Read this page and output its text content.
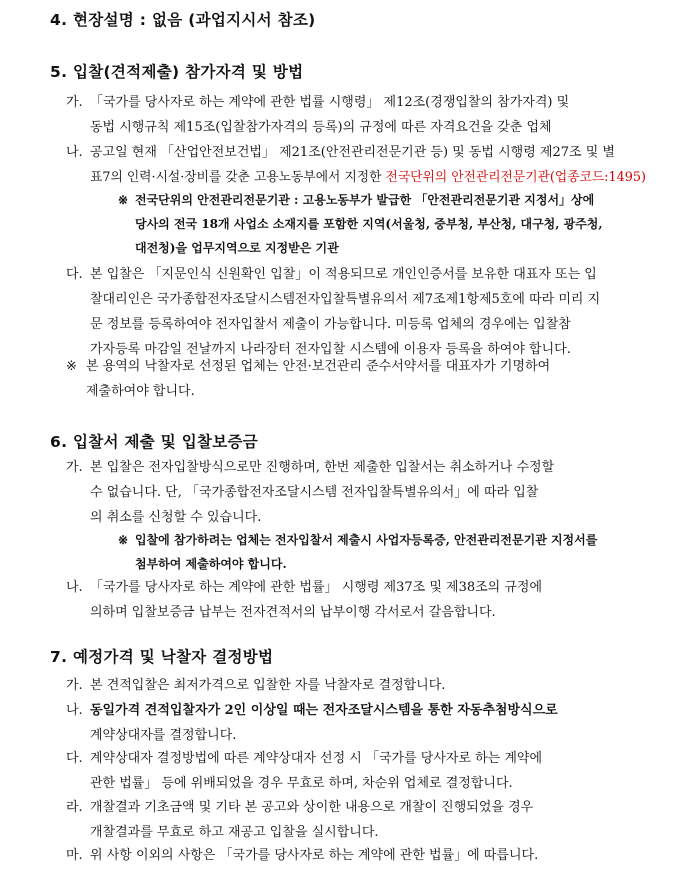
4. 현장설명 : 없음 (과업지시서 참조)
5. 입찰(견적제출) 참가자격 및 방법
가. 「국가를 당사자로 하는 계약에 관한 법률 시행령」 제12조(경쟁입찰의 참가자격) 및
동법 시행규칙 제15조(입찰참가자격의 등록)의 규정에 따른 자격요건을 갖춘 업체
나. 공고일 현재 「산업안전보건법」 제21조(안전관리전문기관 등) 및 동법 시행령 제27조 및 별
표7의 인력·시설·장비를 갖춘 고용노동부에서 지정한 전국단위의 안전관리전문기관(업종코드:1495)
※ 전국단위의 안전관리전문기관 : 고용노동부가 발급한 「안전관리전문기관 지정서」상에
당사의 전국 18개 사업소 소재지를 포함한 지역(서울청, 중부청, 부산청, 대구청, 광주청,
대전청)을 업무지역으로 지정받은 기관
다. 본 입찰은 「지문인식 신원확인 입찰」이 적용되므로 개인인증서를 보유한 대표자 또는 입
찰대리인은 국가종합전자조달시스템전자입찰특별유의서 제7조제1항제5호에 따라 미리 지
문 정보를 등록하여야 전자입찰서 제출이 가능합니다. 미등록 업체의 경우에는 입찰참
가자등록 마감일 전날까지 나라장터 전자입찰 시스템에 이용자 등록을 하여야 합니다.
※ 본 용역의 낙찰자로 선정된 업체는 안전·보건관리 준수서약서를 대표자가 기명하여
제출하여야 합니다.
6. 입찰서 제출 및 입찰보증금
가. 본 입찰은 전자입찰방식으로만 진행하며, 한번 제출한 입찰서는 취소하거나 수정할
수 없습니다. 단, 「국가종합전자조달시스템 전자입찰특별유의서」에 따라 입찰
의 취소를 신청할 수 있습니다.
※ 입찰에 참가하려는 업체는 전자입찰서 제출시 사업자등록증, 안전관리전문기관 지정서를
첨부하여 제출하여야 합니다.
나. 「국가를 당사자로 하는 계약에 관한 법률」 시행령 제37조 및 제38조의 규정에
의하며 입찰보증금 납부는 전자견적서의 납부이행 각서로서 갈음합니다.
7. 예정가격 및 낙찰자 결정방법
가. 본 견적입찰은 최저가격으로 입찰한 자를 낙찰자로 결정합니다.
나. 동일가격 견적입찰자가 2인 이상일 때는 전자조달시스템을 통한 자동추첨방식으로
계약상대자를 결정합니다.
다. 계약상대자 결정방법에 따른 계약상대자 선정 시 「국가를 당사자로 하는 계약에
관한 법률」 등에 위배되었을 경우 무효로 하며, 차순위 업체로 결정합니다.
라. 개찰결과 기초금액 및 기타 본 공고와 상이한 내용으로 개찰이 진행되었을 경우
개찰결과를 무효로 하고 재공고 입찰을 실시합니다.
마. 위 사항 이외의 사항은 「국가를 당사자로 하는 계약에 관한 법률」에 따릅니다.
